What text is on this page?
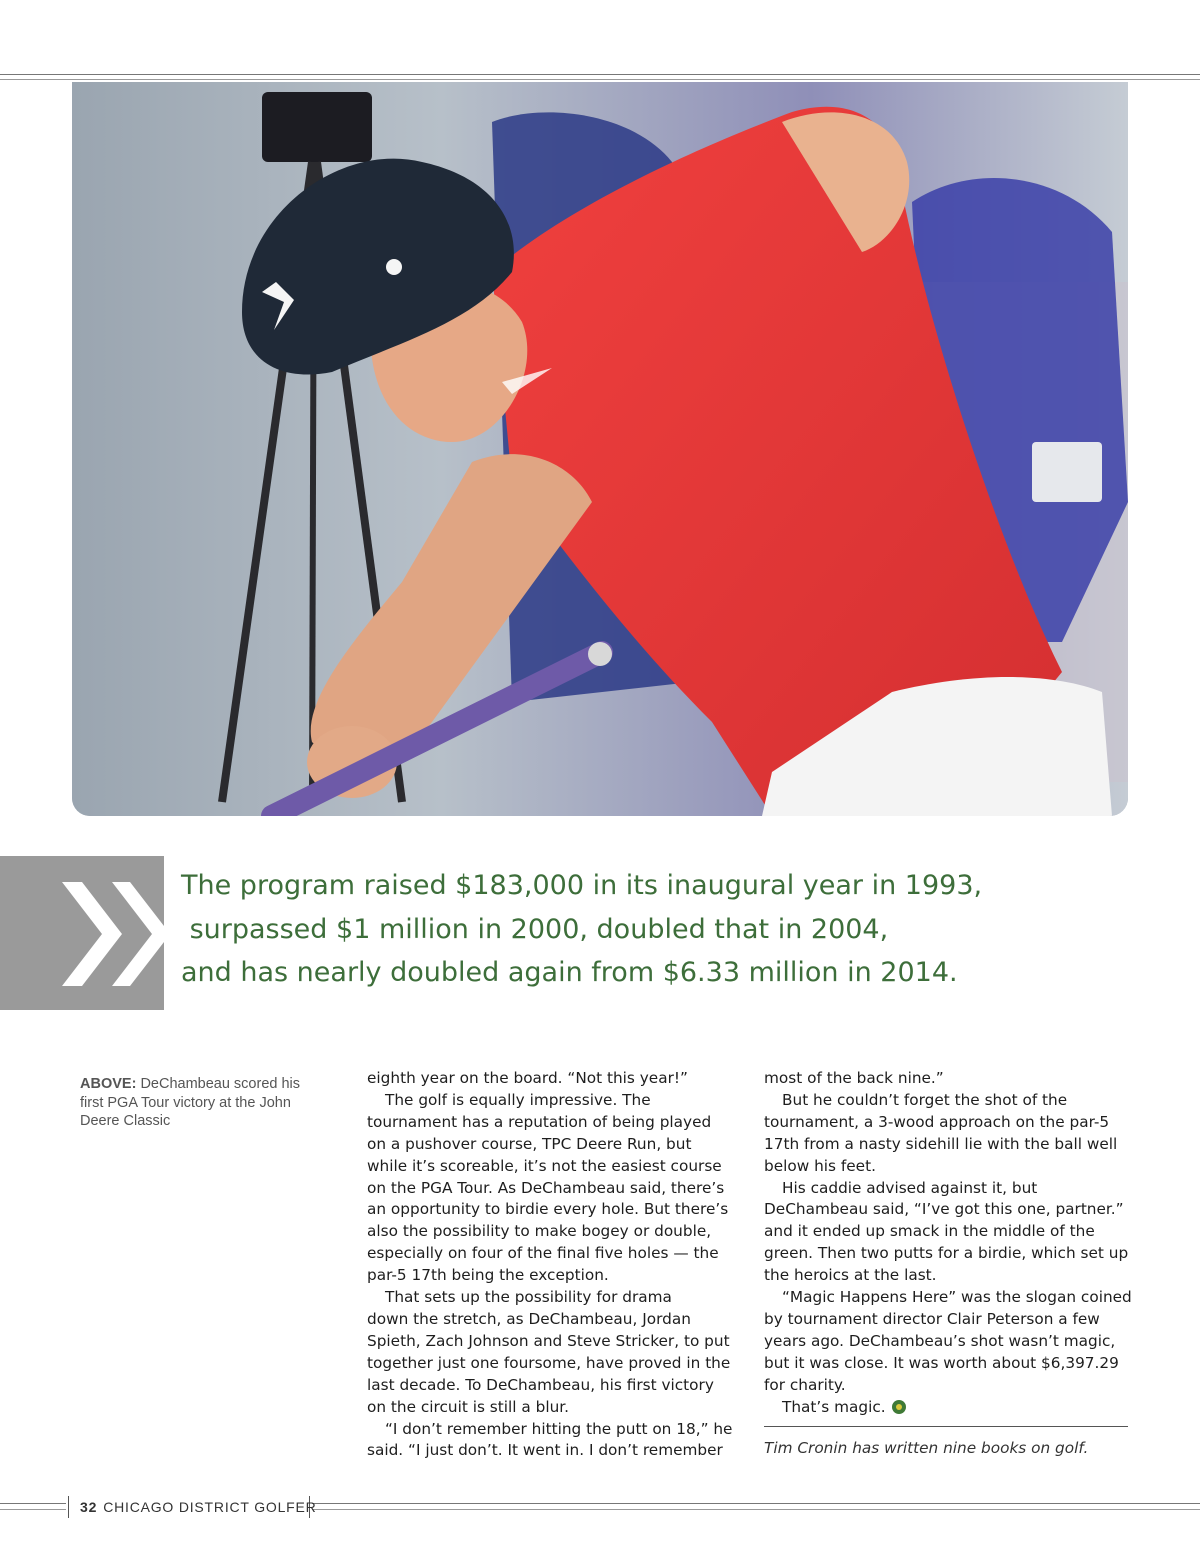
The program raised $183,000 in its inaugural year in 1993,
surpassed $1 million in 2000, doubled that in 2004,
and has nearly doubled again from $6.33 million in 2014.
ABOVE: DeChambeau scored his first PGA Tour victory at the John Deere Classic

eighth year on the board. “Not this year!”

The golf is equally impressive. The

tournament has a reputation of being played

on a pushover course, TPC Deere Run, but

while it’s scoreable, it’s not the easiest course

on the PGA Tour. As DeChambeau said, there’s

an opportunity to birdie every hole. But there’s

also the possibility to make bogey or double,

especially on four of the final five holes — the

par-5 17th being the exception.

That sets up the possibility for drama

down the stretch, as DeChambeau, Jordan

Spieth, Zach Johnson and Steve Stricker, to put

together just one foursome, have proved in the

last decade. To DeChambeau, his first victory

on the circuit is still a blur.

“I don’t remember hitting the putt on 18,” he

said. “I just don’t. It went in. I don’t remember

most of the back nine.”

But he couldn’t forget the shot of the

tournament, a 3-wood approach on the par-5

17th from a nasty sidehill lie with the ball well

below his feet.

His caddie advised against it, but

DeChambeau said, “I’ve got this one, partner.”

and it ended up smack in the middle of the

green. Then two putts for a birdie, which set up

the heroics at the last.

“Magic Happens Here” was the slogan coined

by tournament director Clair Peterson a few

years ago. DeChambeau’s shot wasn’t magic,

but it was close. It was worth about $6,397.29

for charity.

That’s magic.

Tim Cronin has written nine books on golf.
32 CHICAGO DISTRICT GOLFER
